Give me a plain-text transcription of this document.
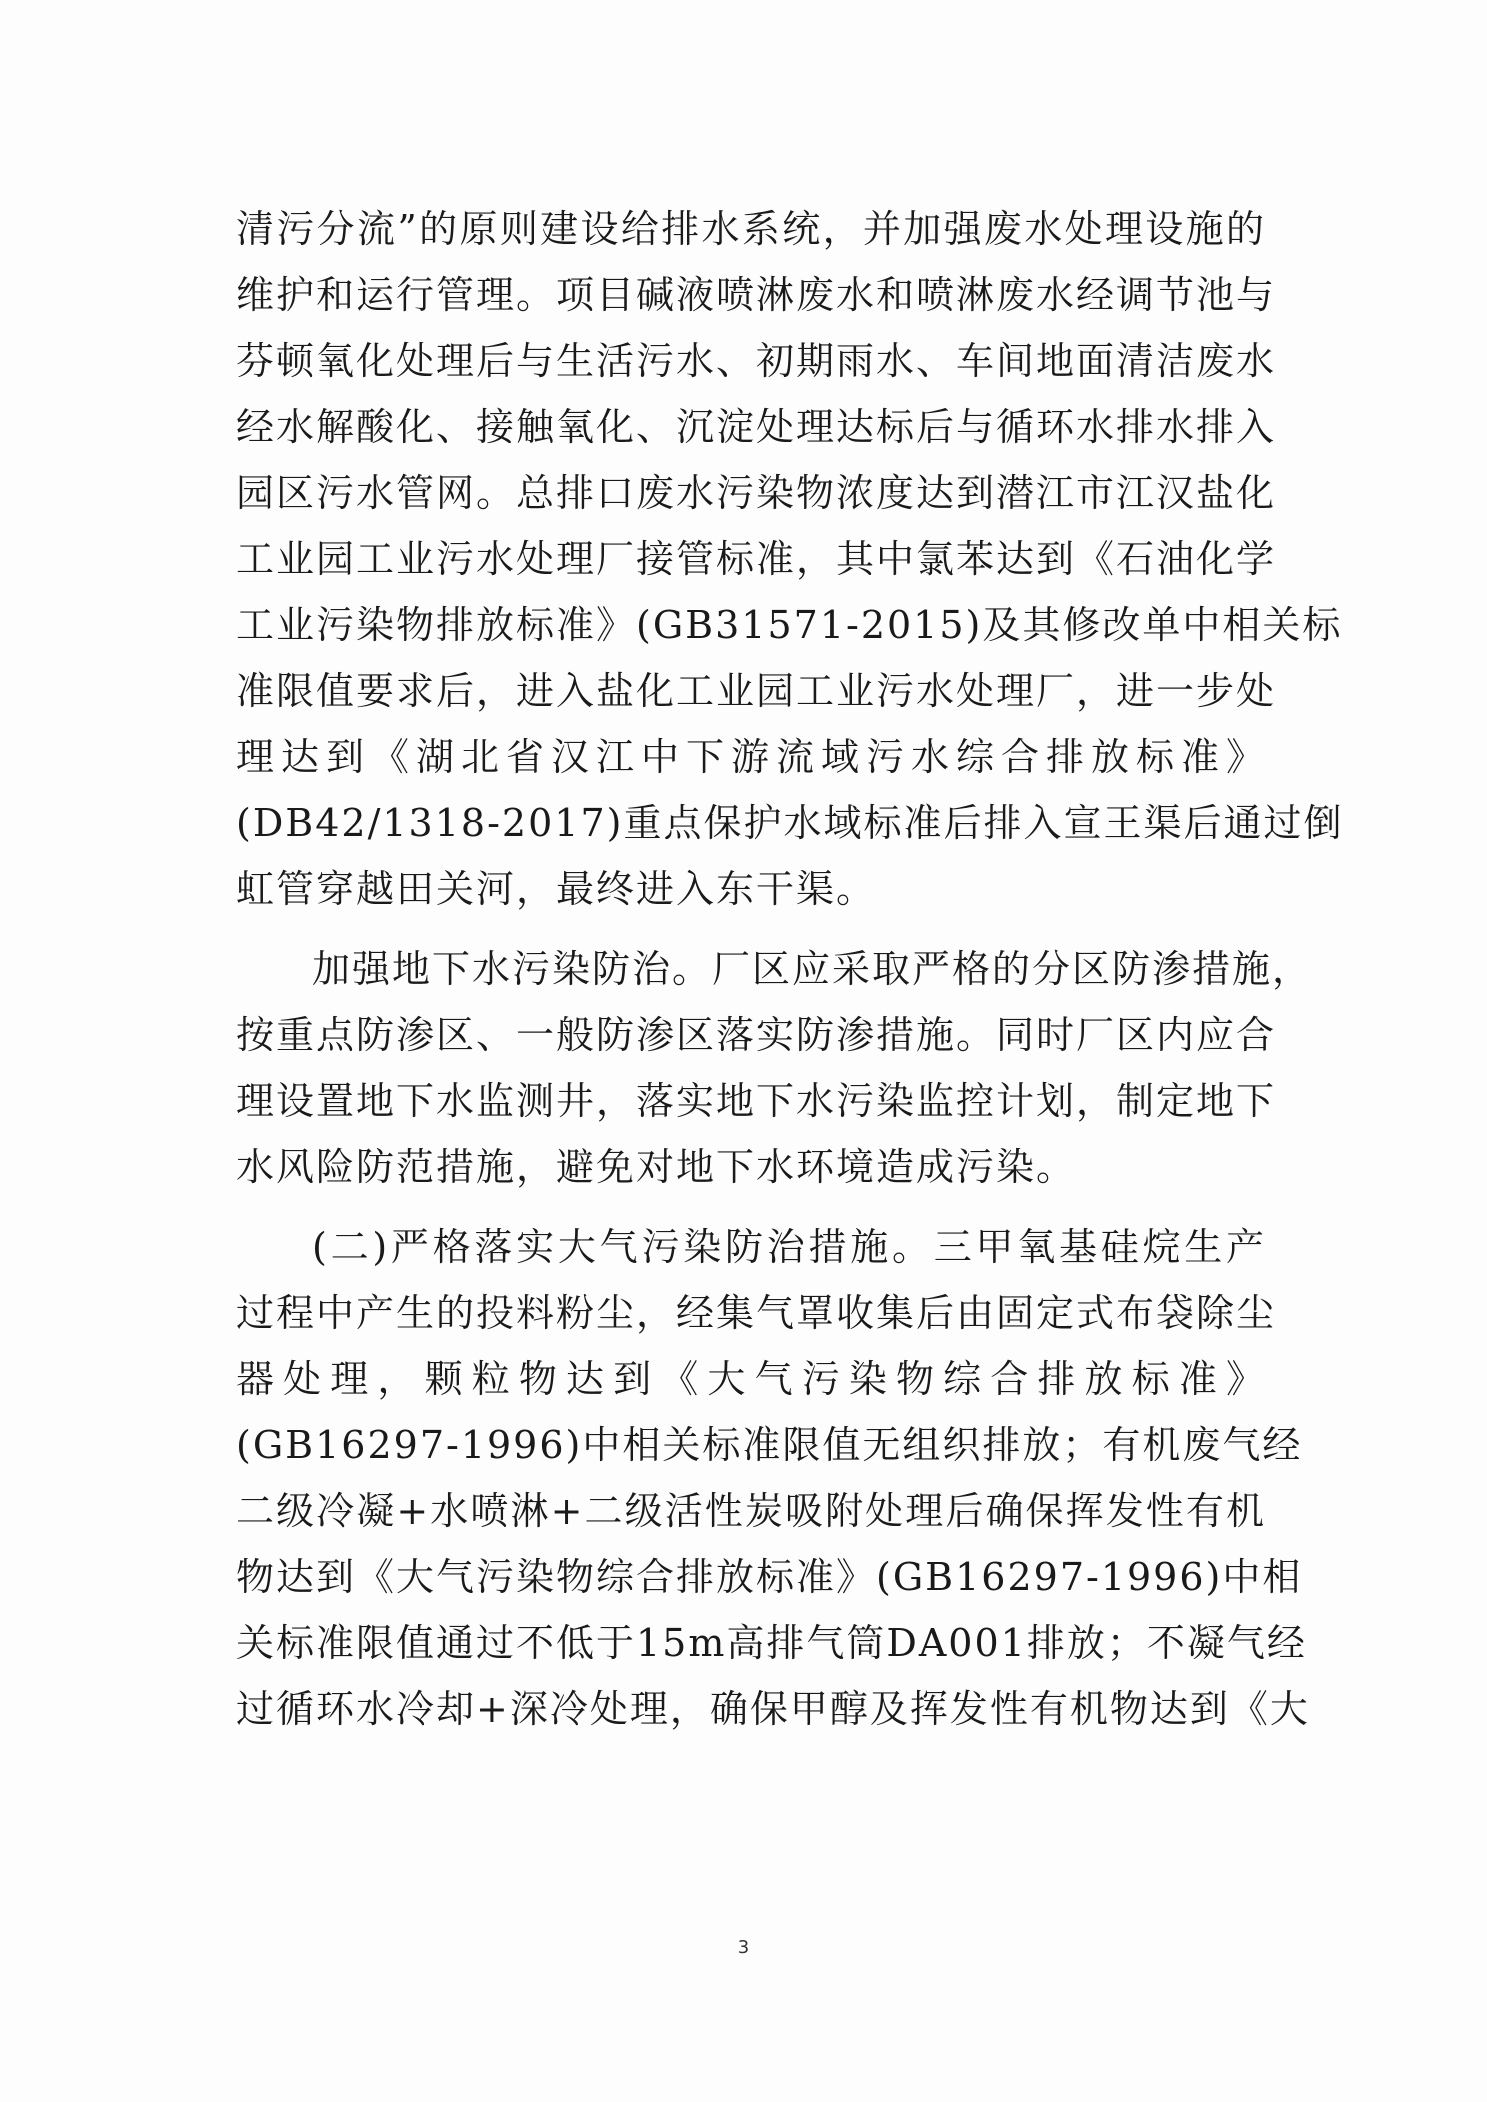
清污分流”的原则建设给排水系统，并加强废水处理设施的
维护和运行管理。项目碱液喷淋废水和喷淋废水经调节池与
芬顿氧化处理后与生活污水、初期雨水、车间地面清洁废水
经水解酸化、接触氧化、沉淀处理达标后与循环水排水排入
园区污水管网。总排口废水污染物浓度达到潜江市江汉盐化
工业园工业污水处理厂接管标准，其中氯苯达到《石油化学
工业污染物排放标准》(GB31571-2015)及其修改单中相关标
准限值要求后，进入盐化工业园工业污水处理厂，进一步处
理达到《湖北省汉江中下游流域污水综合排放标准》
(DB42/1318-2017)重点保护水域标准后排入宣王渠后通过倒
虹管穿越田关河，最终进入东干渠。
加强地下水污染防治。厂区应采取严格的分区防渗措施，
按重点防渗区、一般防渗区落实防渗措施。同时厂区内应合
理设置地下水监测井，落实地下水污染监控计划，制定地下
水风险防范措施，避免对地下水环境造成污染。
(二)严格落实大气污染防治措施。三甲氧基硅烷生产
过程中产生的投料粉尘，经集气罩收集后由固定式布袋除尘
器处理，颗粒物达到《大气污染物综合排放标准》
(GB16297-1996)中相关标准限值无组织排放；有机废气经
二级冷凝+水喷淋+二级活性炭吸附处理后确保挥发性有机
物达到《大气污染物综合排放标准》(GB16297-1996)中相
关标准限值通过不低于15m高排气筒DA001排放；不凝气经
过循环水冷却+深冷处理，确保甲醇及挥发性有机物达到《大
3
